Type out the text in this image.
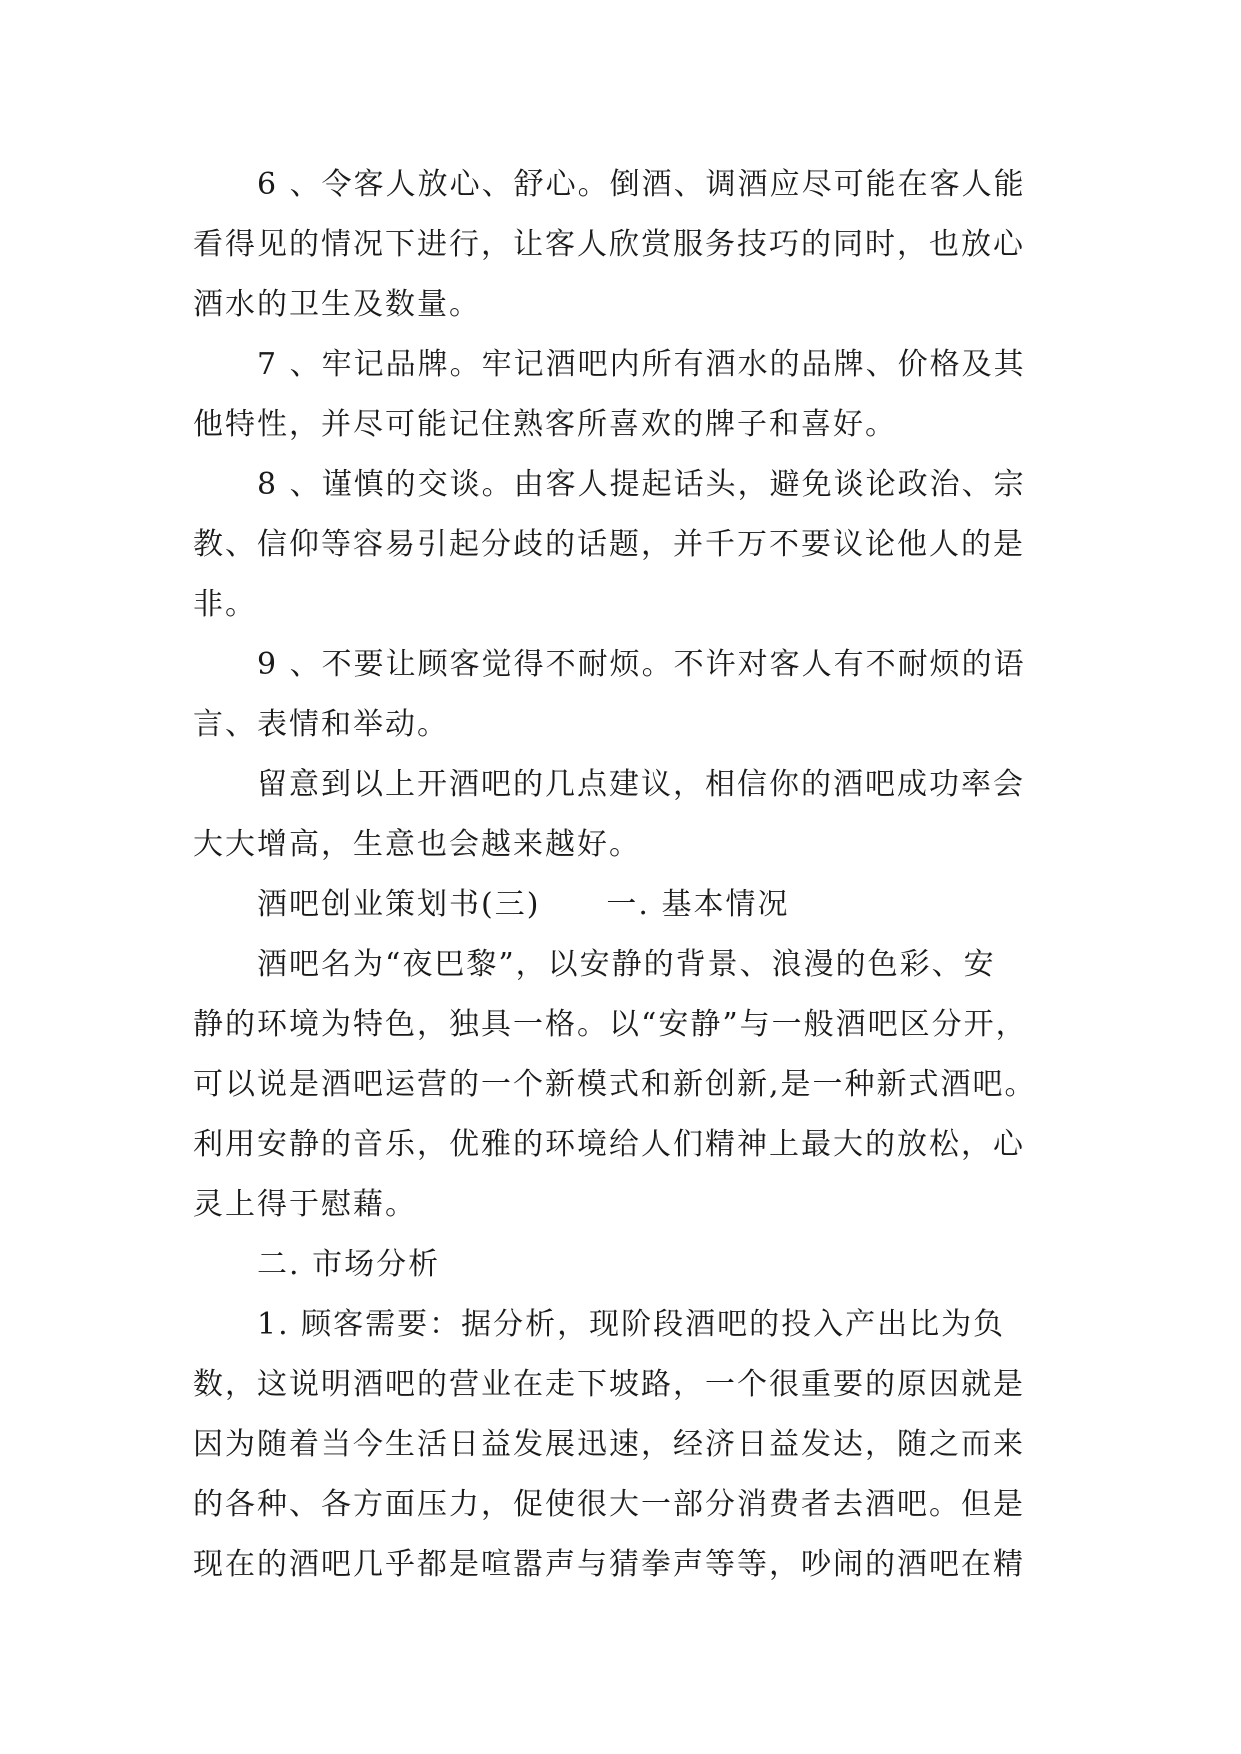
6 、令客人放心、舒心。倒酒、调酒应尽可能在客人能
看得见的情况下进行，让客人欣赏服务技巧的同时，也放心
酒水的卫生及数量。
7 、牢记品牌。牢记酒吧内所有酒水的品牌、价格及其
他特性，并尽可能记住熟客所喜欢的牌子和喜好。
8 、谨慎的交谈。由客人提起话头，避免谈论政治、宗
教、信仰等容易引起分歧的话题，并千万不要议论他人的是
非。
9 、不要让顾客觉得不耐烦。不许对客人有不耐烦的语
言、表情和举动。
留意到以上开酒吧的几点建议，相信你的酒吧成功率会
大大增高，生意也会越来越好。
酒吧创业策划书(三) 一. 基本情况
酒吧名为“夜巴黎”，以安静的背景、浪漫的色彩、安
静的环境为特色，独具一格。以“安静”与一般酒吧区分开，
可以说是酒吧运营的一个新模式和新创新,是一种新式酒吧。
利用安静的音乐，优雅的环境给人们精神上最大的放松，心
灵上得于慰藉。
二. 市场分析
1. 顾客需要：据分析，现阶段酒吧的投入产出比为负
数，这说明酒吧的营业在走下坡路，一个很重要的原因就是
因为随着当今生活日益发展迅速，经济日益发达，随之而来
的各种、各方面压力，促使很大一部分消费者去酒吧。但是
现在的酒吧几乎都是喧嚣声与猜拳声等等，吵闹的酒吧在精
